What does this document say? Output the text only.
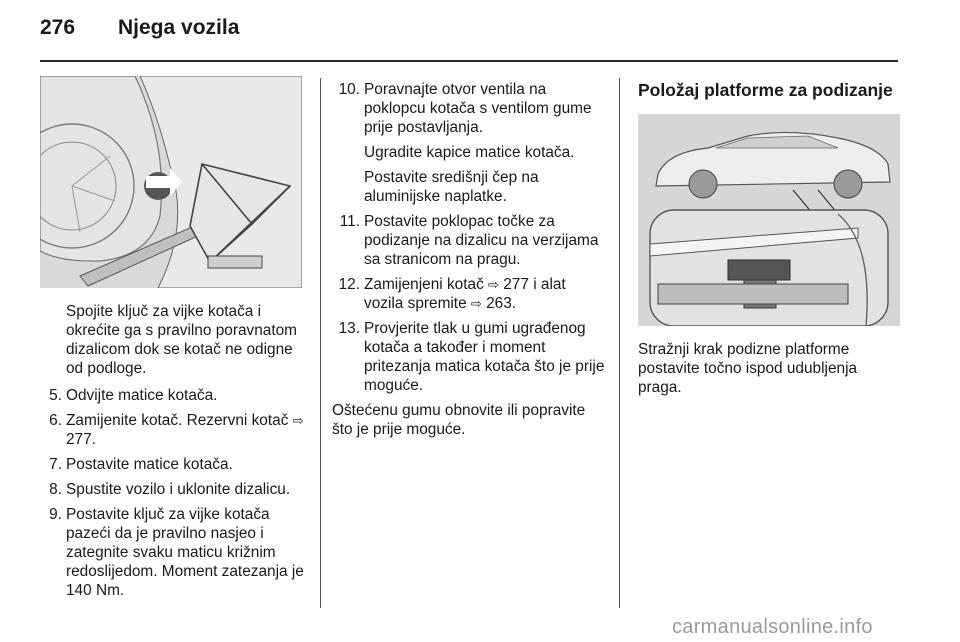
276 Njega vozila

Spojite ključ za vijke kotača i okrećite ga s pravilno poravnatom dizalicom dok se kotač ne odigne od podloge.

5. Odvijte matice kotača.
6. Zamijenite kotač. Rezervni kotač ⇨ 277.
7. Postavite matice kotača.
8. Spustite vozilo i uklonite dizalicu.
9. Postavite ključ za vijke kotača pazeći da je pravilno nasjeo i zategnite svaku maticu križnim redoslijedom. Moment zatezanja je 140 Nm.
10. Poravnajte otvor ventila na poklopcu kotača s ventilom gume prije postavljanja.

Ugradite kapice matice kotača.

Postavite središnji čep na aluminijske naplatke.

11. Postavite poklopac točke za podizanje na dizalicu na verzijama sa stranicom na pragu.
12. Zamijenjeni kotač ⇨ 277 i alat vozila spremite ⇨ 263.
13. Provjerite tlak u gumi ugrađenog kotača a također i moment pritezanja matica kotača što je prije moguće.

Oštećenu gumu obnovite ili popravite što je prije moguće.

Položaj platforme za podizanje

Stražnji krak podizne platforme postavite točno ispod udubljenja praga.

carmanualsonline.info
